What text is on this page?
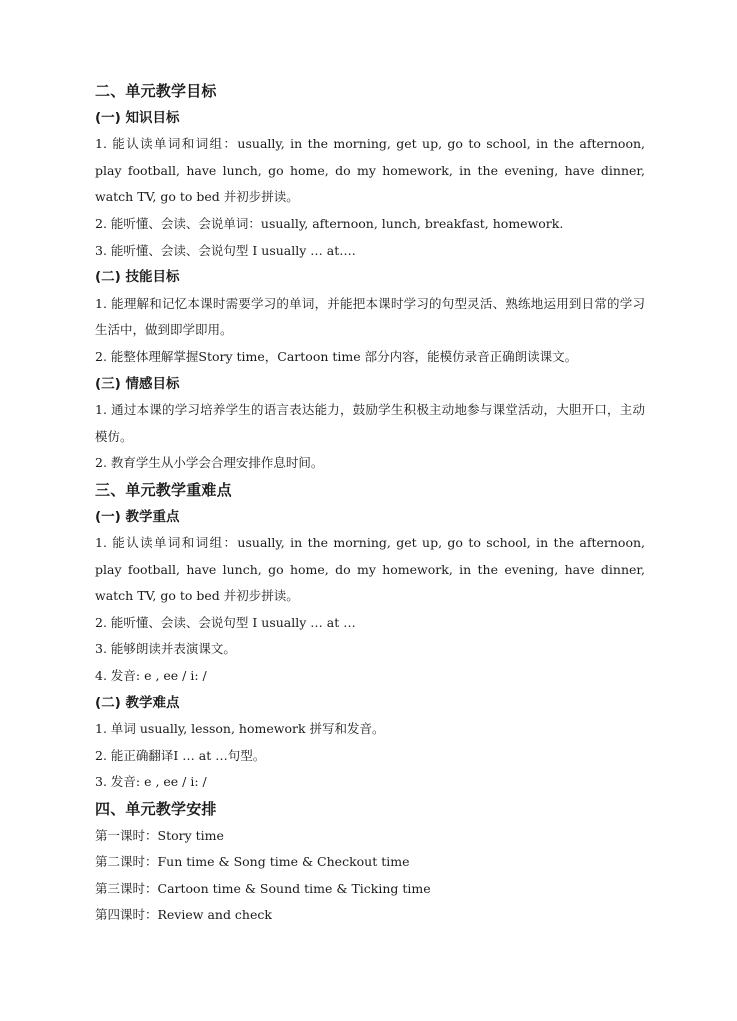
二、单元教学目标
(一) 知识目标
1. 能认读单词和词组：usually, in the morning, get up, go to school, in the afternoon, play football, have lunch, go home, do my homework, in the evening, have dinner, watch TV, go to bed 并初步拼读。
2. 能听懂、会读、会说单词：usually, afternoon, lunch, breakfast, homework.
3. 能听懂、会读、会说句型 I usually … at….
(二) 技能目标
1. 能理解和记忆本课时需要学习的单词，并能把本课时学习的句型灵活、熟练地运用到日常的学习生活中，做到即学即用。
2. 能整体理解掌握Story time，Cartoon time 部分内容，能模仿录音正确朗读课文。
(三) 情感目标
1. 通过本课的学习培养学生的语言表达能力，鼓励学生积极主动地参与课堂活动，大胆开口，主动模仿。
2. 教育学生从小学会合理安排作息时间。
三、单元教学重难点
(一) 教学重点
1. 能认读单词和词组：usually, in the morning, get up, go to school, in the afternoon, play football, have lunch, go home, do my homework, in the evening, have dinner, watch TV, go to bed 并初步拼读。
2. 能听懂、会读、会说句型 I usually … at …
3. 能够朗读并表演课文。
4. 发音: e , ee / i: /
(二) 教学难点
1. 单词 usually, lesson, homework 拼写和发音。
2. 能正确翻译I … at …句型。
3. 发音: e , ee / i: /
四、单元教学安排
第一课时：Story time
第二课时：Fun time & Song time & Checkout time
第三课时：Cartoon time & Sound time & Ticking time
第四课时：Review and check
